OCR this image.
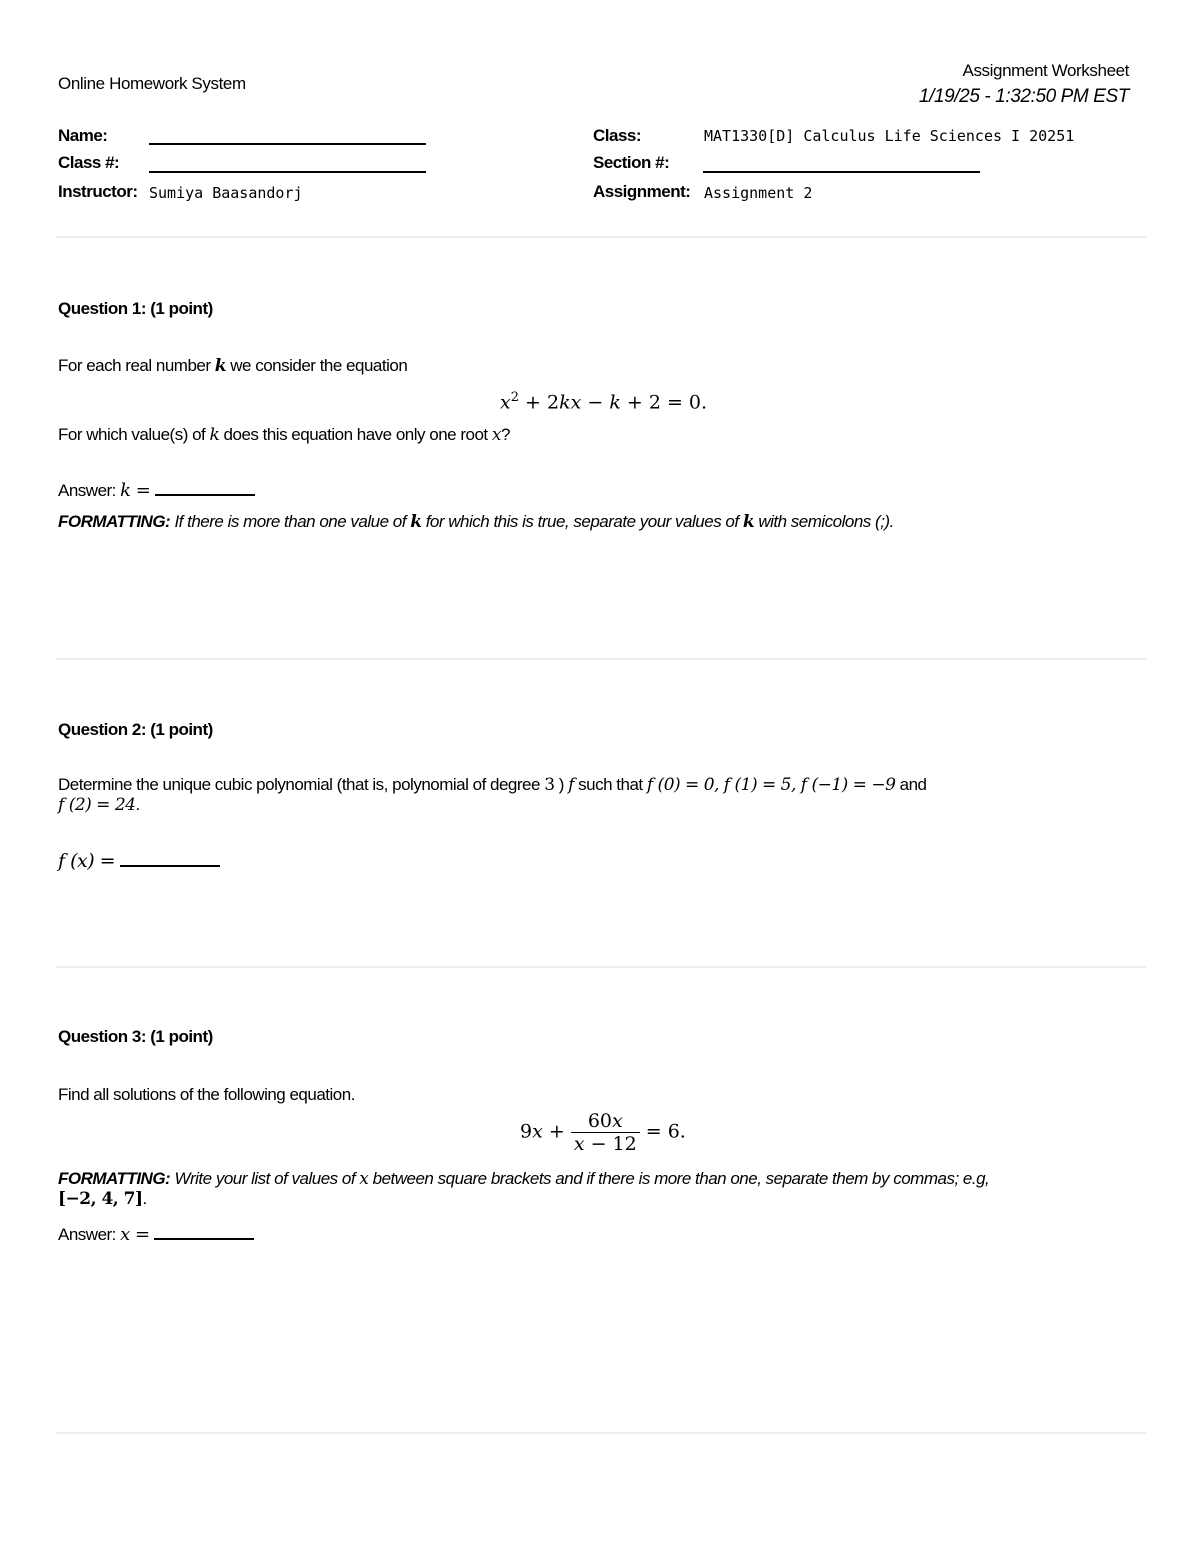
Online Homework System
Assignment Worksheet
1/19/25 - 1:32:50 PM EST
Name:
Class #:
Instructor: Sumiya Baasandorj
Class:	MAT1330[D] Calculus Life Sciences I 20251
Section #:
Assignment: Assignment 2
Question 1: (1 point)
For each real number k we consider the equation
$x^2 + 2kx - k + 2 = 0$.
For which value(s) of k does this equation have only one root x?
Answer: k =
FORMATTING: If there is more than one value of k for which this is true, separate your values of k with semicolons (;).
Question 2: (1 point)
Determine the unique cubic polynomial (that is, polynomial of degree 3 ) f such that f (0) = 0, f (1) = 5, f (−1) = −9 and
f (2) = 24.
f (x) =
Question 3: (1 point)
Find all solutions of the following equation.
$9x + \frac{60x}{x - 12} = 6$.
FORMATTING: Write your list of values of x between square brackets and if there is more than one, separate them by commas; e.g,
[−2, 4, 7].
Answer: x =
